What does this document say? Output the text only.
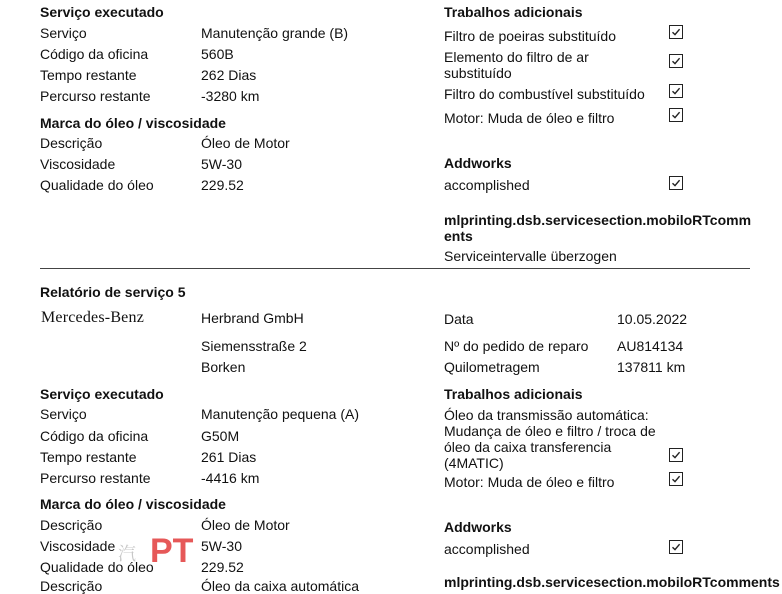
Serviço executado
Serviço	Manutenção grande (B)
Código da oficina	560B
Tempo restante	262 Dias
Percurso restante	-3280 km
Marca do óleo / viscosidade
Descrição	Óleo de Motor
Viscosidade	5W-30
Qualidade do óleo	229.52
Trabalhos adicionais
Filtro de poeiras substituído
Elemento do filtro de ar substituído
Filtro do combustível substituído
Motor: Muda de óleo e filtro
Addworks
accomplished
mlprinting.dsb.servicesection.mobiloRTcomments
Serviceintervalle überzogen
Relatório de serviço 5
Mercedes-Benz	Herbrand GmbH
Siemensstraße 2
Borken
Data	10.05.2022
Nº do pedido de reparo AU814134
Quilometragem	137811 km
Serviço executado
Serviço	Manutenção pequena (A)
Código da oficina	G50M
Tempo restante	261 Dias
Percurso restante	-4416 km
Marca do óleo / viscosidade
Descrição	Óleo de Motor
Viscosidade	5W-30
Qualidade do óleo	229.52
Descrição	Óleo da caixa automática
Trabalhos adicionais
Óleo da transmissão automática: Mudança de óleo e filtro / troca de óleo da caixa transferencia (4MATIC)
Motor: Muda de óleo e filtro
Addworks
accomplished
mlprinting.dsb.servicesection.mobiloRTcomments
汽 PT
